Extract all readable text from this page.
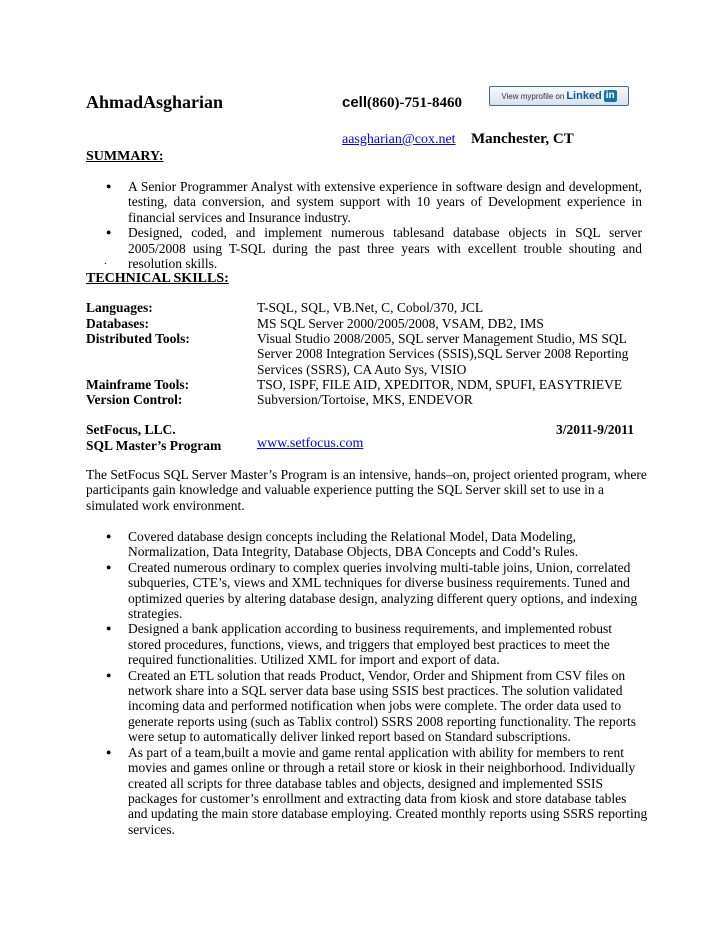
AhmadAsgharian	cell(860)-751-8460	View myprofile on Linked in
aasgharian@cox.net Manchester, CT
SUMMARY:
● A Senior Programmer Analyst with extensive experience in software design and development, testing, data conversion, and system support with 10 years of Development experience in financial services and Insurance industry.
● Designed, coded, and implement numerous tablesand database objects in SQL server 2005/2008 using T-SQL during the past three years with excellent trouble shouting and resolution skills.
.
TECHNICAL SKILLS:
Languages:	T-SQL, SQL, VB.Net, C, Cobol/370, JCL
Databases:	MS SQL Server 2000/2005/2008, VSAM, DB2, IMS
Distributed Tools:	Visual Studio 2008/2005, SQL server Management Studio, MS SQL Server 2008 Integration Services (SSIS),SQL Server 2008 Reporting Services (SSRS), CA Auto Sys, VISIO
Mainframe Tools:	TSO, ISPF, FILE AID, XPEDITOR, NDM, SPUFI, EASYTRIEVE
Version Control:	Subversion/Tortoise, MKS, ENDEVOR
SetFocus, LLC.	3/2011-9/2011
SQL Master’s Program	www.setfocus.com
The SetFocus SQL Server Master’s Program is an intensive, hands–on, project oriented program, where participants gain knowledge and valuable experience putting the SQL Server skill set to use in a simulated work environment.
● Covered database design concepts including the Relational Model, Data Modeling, Normalization, Data Integrity, Database Objects, DBA Concepts and Codd’s Rules.
● Created numerous ordinary to complex queries involving multi-table joins, Union, correlated subqueries, CTE’s, views and XML techniques for diverse business requirements. Tuned and optimized queries by altering database design, analyzing different query options, and indexing strategies.
● Designed a bank application according to business requirements, and implemented robust stored procedures, functions, views, and triggers that employed best practices to meet the required functionalities. Utilized XML for import and export of data.
● Created an ETL solution that reads Product, Vendor, Order and Shipment from CSV files on network share into a SQL server data base using SSIS best practices. The solution validated incoming data and performed notification when jobs were complete. The order data used to generate reports using (such as Tablix control) SSRS 2008 reporting functionality. The reports were setup to automatically deliver linked report based on Standard subscriptions.
● As part of a team,built a movie and game rental application with ability for members to rent movies and games online or through a retail store or kiosk in their neighborhood. Individually created all scripts for three database tables and objects, designed and implemented SSIS packages for customer’s enrollment and extracting data from kiosk and store database tables and updating the main store database employing. Created monthly reports using SSRS reporting services.
